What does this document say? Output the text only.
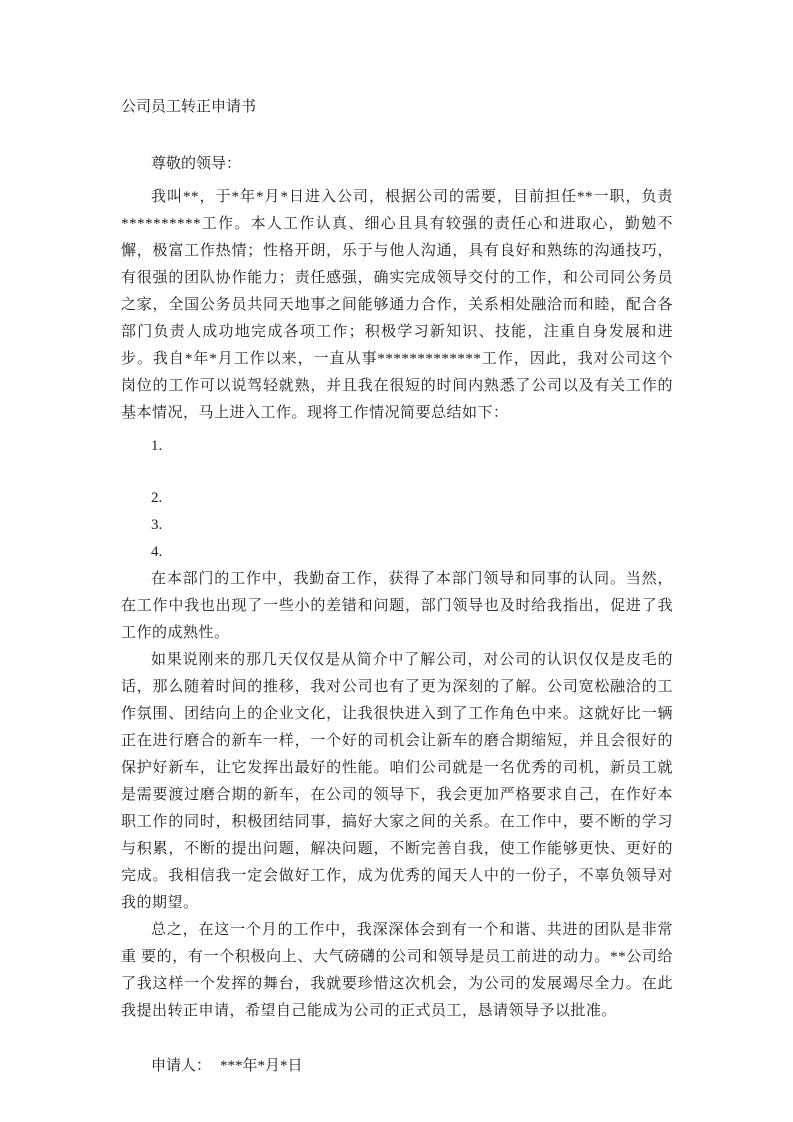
公司员工转正申请书

尊敬的领导：

我叫**，于*年*月*日进入公司，根据公司的需要，目前担任**一职，负责**********工作。本人工作认真、细心且具有较强的责任心和进取心，勤勉不懈，极富工作热情；性格开朗，乐于与他人沟通，具有良好和熟练的沟通技巧，有很强的团队协作能力；责任感强，确实完成领导交付的工作，和公司同公务员之家，全国公务员共同天地事之间能够通力合作，关系相处融洽而和睦，配合各部门负责人成功地完成各项工作；积极学习新知识、技能，注重自身发展和进步。我自*年*月工作以来，一直从事*************工作，因此，我对公司这个岗位的工作可以说驾轻就熟，并且我在很短的时间内熟悉了公司以及有关工作的基本情况，马上进入工作。现将工作情况简要总结如下：

1.
2.
3.
4.

在本部门的工作中，我勤奋工作，获得了本部门领导和同事的认同。当然，在工作中我也出现了一些小的差错和问题，部门领导也及时给我指出，促进了我工作的成熟性。

如果说刚来的那几天仅仅是从简介中了解公司，对公司的认识仅仅是皮毛的话，那么随着时间的推移，我对公司也有了更为深刻的了解。公司宽松融洽的工作氛围、团结向上的企业文化，让我很快进入到了工作角色中来。这就好比一辆正在进行磨合的新车一样，一个好的司机会让新车的磨合期缩短，并且会很好的保护好新车，让它发挥出最好的性能。咱们公司就是一名优秀的司机，新员工就是需要渡过磨合期的新车，在公司的领导下，我会更加严格要求自己，在作好本职工作的同时，积极团结同事，搞好大家之间的关系。在工作中，要不断的学习与积累，不断的提出问题，解决问题，不断完善自我，使工作能够更快、更好的完成。我相信我一定会做好工作，成为优秀的闻天人中的一份子，不辜负领导对我的期望。

总之，在这一个月的工作中，我深深体会到有一个和谐、共进的团队是非常重 要的，有一个积极向上、大气磅礴的公司和领导是员工前进的动力。**公司给了我这样一个发挥的舞台，我就要珍惜这次机会，为公司的发展竭尽全力。在此我提出转正申请，希望自己能成为公司的正式员工，恳请领导予以批准。

申请人： ***年*月*日
